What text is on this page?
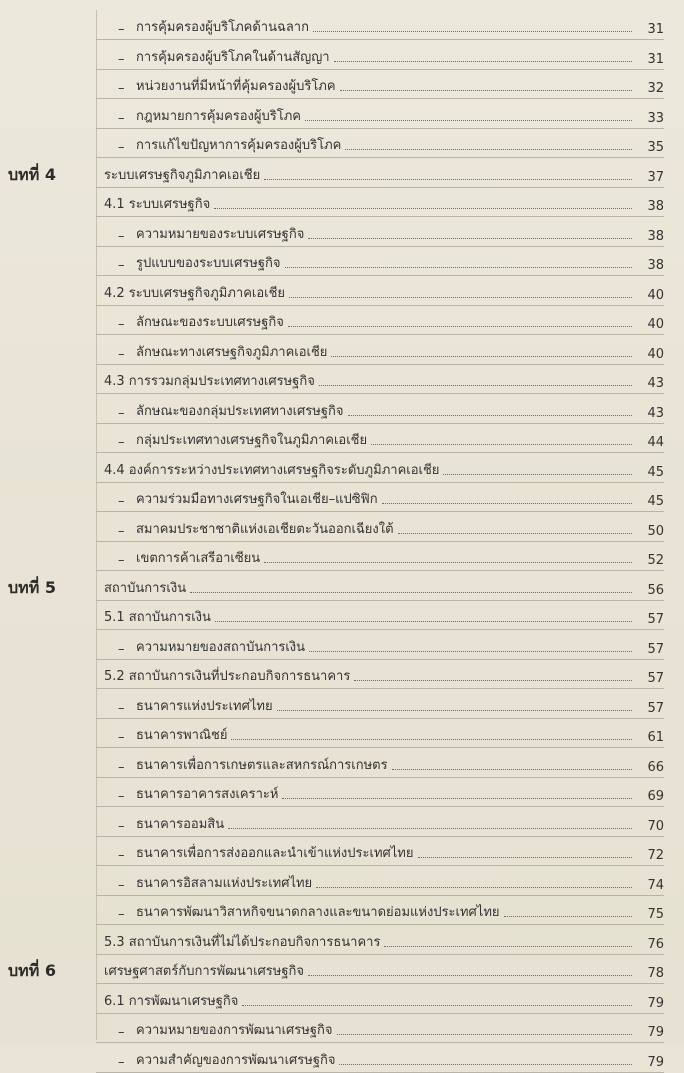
– การคุ้มครองผู้บริโภคด้านฉลาก	31
– การคุ้มครองผู้บริโภคในด้านสัญญา	31
– หน่วยงานที่มีหน้าที่คุ้มครองผู้บริโภค	32
– กฎหมายการคุ้มครองผู้บริโภค	33
– การแก้ไขปัญหาการคุ้มครองผู้บริโภค	35
บทที่ 4	ระบบเศรษฐกิจภูมิภาคเอเชีย	37
4.1 ระบบเศรษฐกิจ	38
– ความหมายของระบบเศรษฐกิจ	38
– รูปแบบของระบบเศรษฐกิจ	38
4.2 ระบบเศรษฐกิจภูมิภาคเอเชีย	40
– ลักษณะของระบบเศรษฐกิจ	40
– ลักษณะทางเศรษฐกิจภูมิภาคเอเชีย	40
4.3 การรวมกลุ่มประเทศทางเศรษฐกิจ	43
– ลักษณะของกลุ่มประเทศทางเศรษฐกิจ	43
– กลุ่มประเทศทางเศรษฐกิจในภูมิภาคเอเชีย	44
4.4 องค์การระหว่างประเทศทางเศรษฐกิจระดับภูมิภาคเอเชีย	45
– ความร่วมมือทางเศรษฐกิจในเอเชีย–แปซิฟิก	45
– สมาคมประชาชาติแห่งเอเชียตะวันออกเฉียงใต้	50
– เขตการค้าเสรีอาเซียน	52
บทที่ 5	สถาบันการเงิน	56
5.1 สถาบันการเงิน	57
– ความหมายของสถาบันการเงิน	57
5.2 สถาบันการเงินที่ประกอบกิจการธนาคาร	57
– ธนาคารแห่งประเทศไทย	57
– ธนาคารพาณิชย์	61
– ธนาคารเพื่อการเกษตรและสหกรณ์การเกษตร	66
– ธนาคารอาคารสงเคราะห์	69
– ธนาคารออมสิน	70
– ธนาคารเพื่อการส่งออกและนำเข้าแห่งประเทศไทย	72
– ธนาคารอิสลามแห่งประเทศไทย	74
– ธนาคารพัฒนาวิสาหกิจขนาดกลางและขนาดย่อมแห่งประเทศไทย	75
5.3 สถาบันการเงินที่ไม่ได้ประกอบกิจการธนาคาร	76
บทที่ 6	เศรษฐศาสตร์กับการพัฒนาเศรษฐกิจ	78
6.1 การพัฒนาเศรษฐกิจ	79
– ความหมายของการพัฒนาเศรษฐกิจ	79
– ความสำคัญของการพัฒนาเศรษฐกิจ	79
